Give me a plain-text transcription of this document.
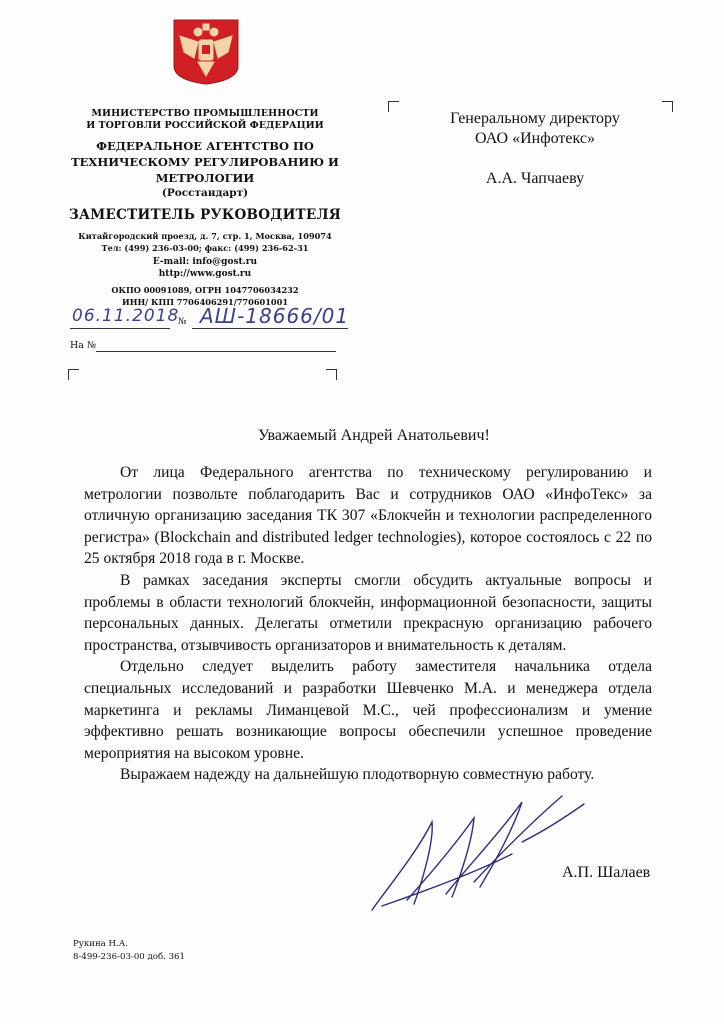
МИНИСТЕРСТВО ПРОМЫШЛЕННОСТИ
И ТОРГОВЛИ РОССИЙСКОЙ ФЕДЕРАЦИИ
ФЕДЕРАЛЬНОЕ АГЕНТСТВО ПО
ТЕХНИЧЕСКОМУ РЕГУЛИРОВАНИЮ И
МЕТРОЛОГИИ
(Росстандарт)
ЗАМЕСТИТЕЛЬ РУКОВОДИТЕЛЯ
Китайгородский проезд, д. 7, стр. 1, Москва, 109074
Тел: (499) 236-03-00; факс: (499) 236-62-31
E-mail: info@gost.ru
http://www.gost.ru
ОКПО 00091089, ОГРН 1047706034232
ИНН/ КПП 7706406291/770601001
06.11.2018
№ АШ-18666/01
На №
Генеральному директору
ОАО «Инфотекс»
А.А. Чапчаеву
Уважаемый Андрей Анатольевич!

От лица Федерального агентства по техническому регулированию и метрологии позвольте поблагодарить Вас и сотрудников ОАО «ИнфоТекс» за отличную организацию заседания ТК 307 «Блокчейн и технологии распределенного регистра» (Blockchain and distributed ledger technologies), которое состоялось с 22 по 25 октября 2018 года в г. Москве.

В рамках заседания эксперты смогли обсудить актуальные вопросы и проблемы в области технологий блокчейн, информационной безопасности, защиты персональных данных. Делегаты отметили прекрасную организацию рабочего пространства, отзывчивость организаторов и внимательность к деталям.

Отдельно следует выделить работу заместителя начальника отдела специальных исследований и разработки Шевченко М.А. и менеджера отдела маркетинга и рекламы Лиманцевой М.С., чей профессионализм и умение эффективно решать возникающие вопросы обеспечили успешное проведение мероприятия на высоком уровне.

Выражаем надежду на дальнейшую плодотворную совместную работу.

А.П. Шалаев
Рукина Н.А.
8-499-236-03-00 доб. 361
